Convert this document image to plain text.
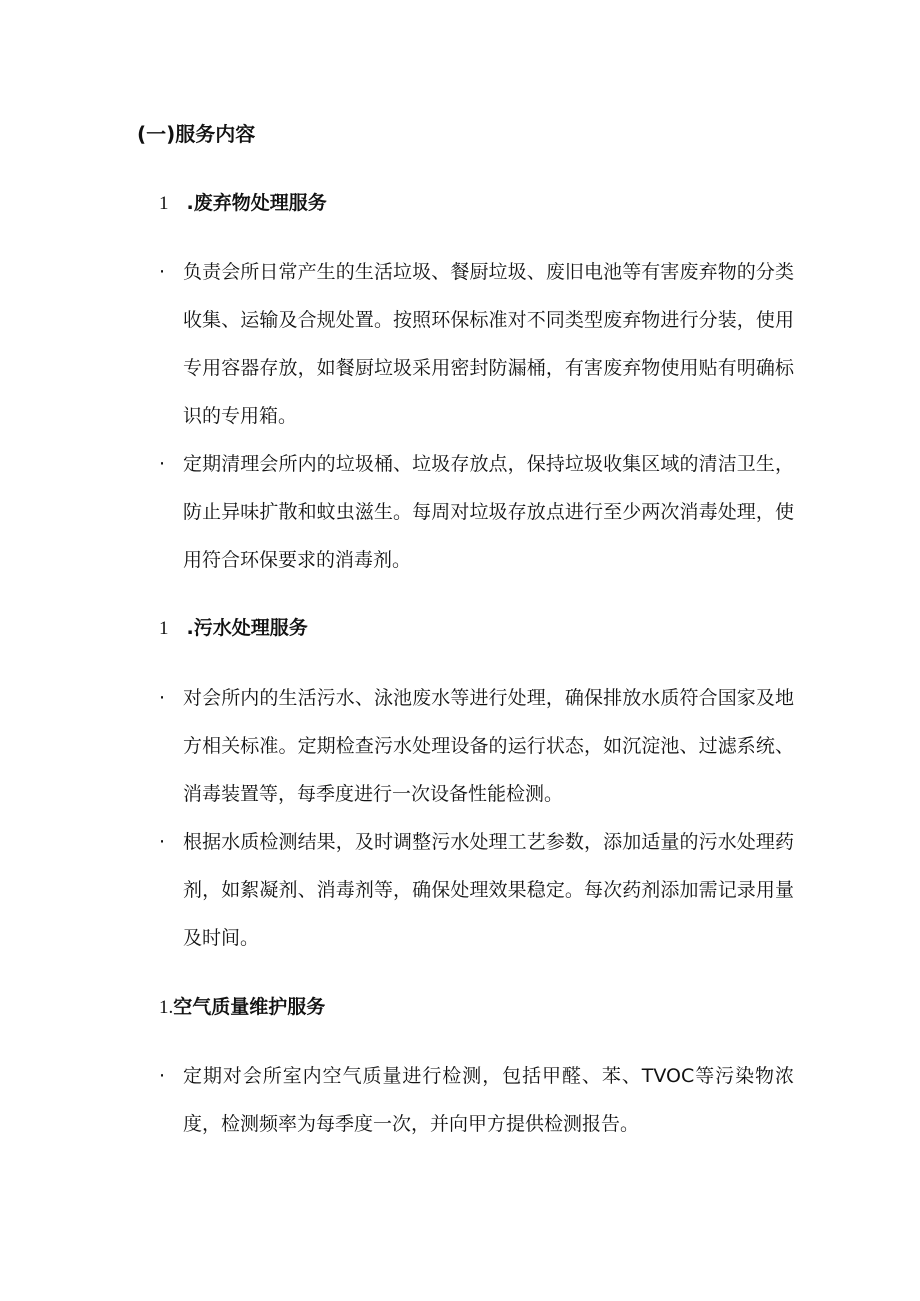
(一)服务内容
1 .废弃物处理服务
· 负责会所日常产生的生活垃圾、餐厨垃圾、废旧电池等有害废弃物的分类收集、运输及合规处置。按照环保标准对不同类型废弃物进行分装，使用专用容器存放，如餐厨垃圾采用密封防漏桶，有害废弃物使用贴有明确标识的专用箱。
· 定期清理会所内的垃圾桶、垃圾存放点，保持垃圾收集区域的清洁卫生，防止异味扩散和蚊虫滋生。每周对垃圾存放点进行至少两次消毒处理，使用符合环保要求的消毒剂。
1 .污水处理服务
· 对会所内的生活污水、泳池废水等进行处理，确保排放水质符合国家及地方相关标准。定期检查污水处理设备的运行状态，如沉淀池、过滤系统、消毒装置等，每季度进行一次设备性能检测。
· 根据水质检测结果，及时调整污水处理工艺参数，添加适量的污水处理药剂，如絮凝剂、消毒剂等，确保处理效果稳定。每次药剂添加需记录用量及时间。
1.空气质量维护服务
· 定期对会所室内空气质量进行检测，包括甲醛、苯、TVOC等污染物浓度，检测频率为每季度一次，并向甲方提供检测报告。
